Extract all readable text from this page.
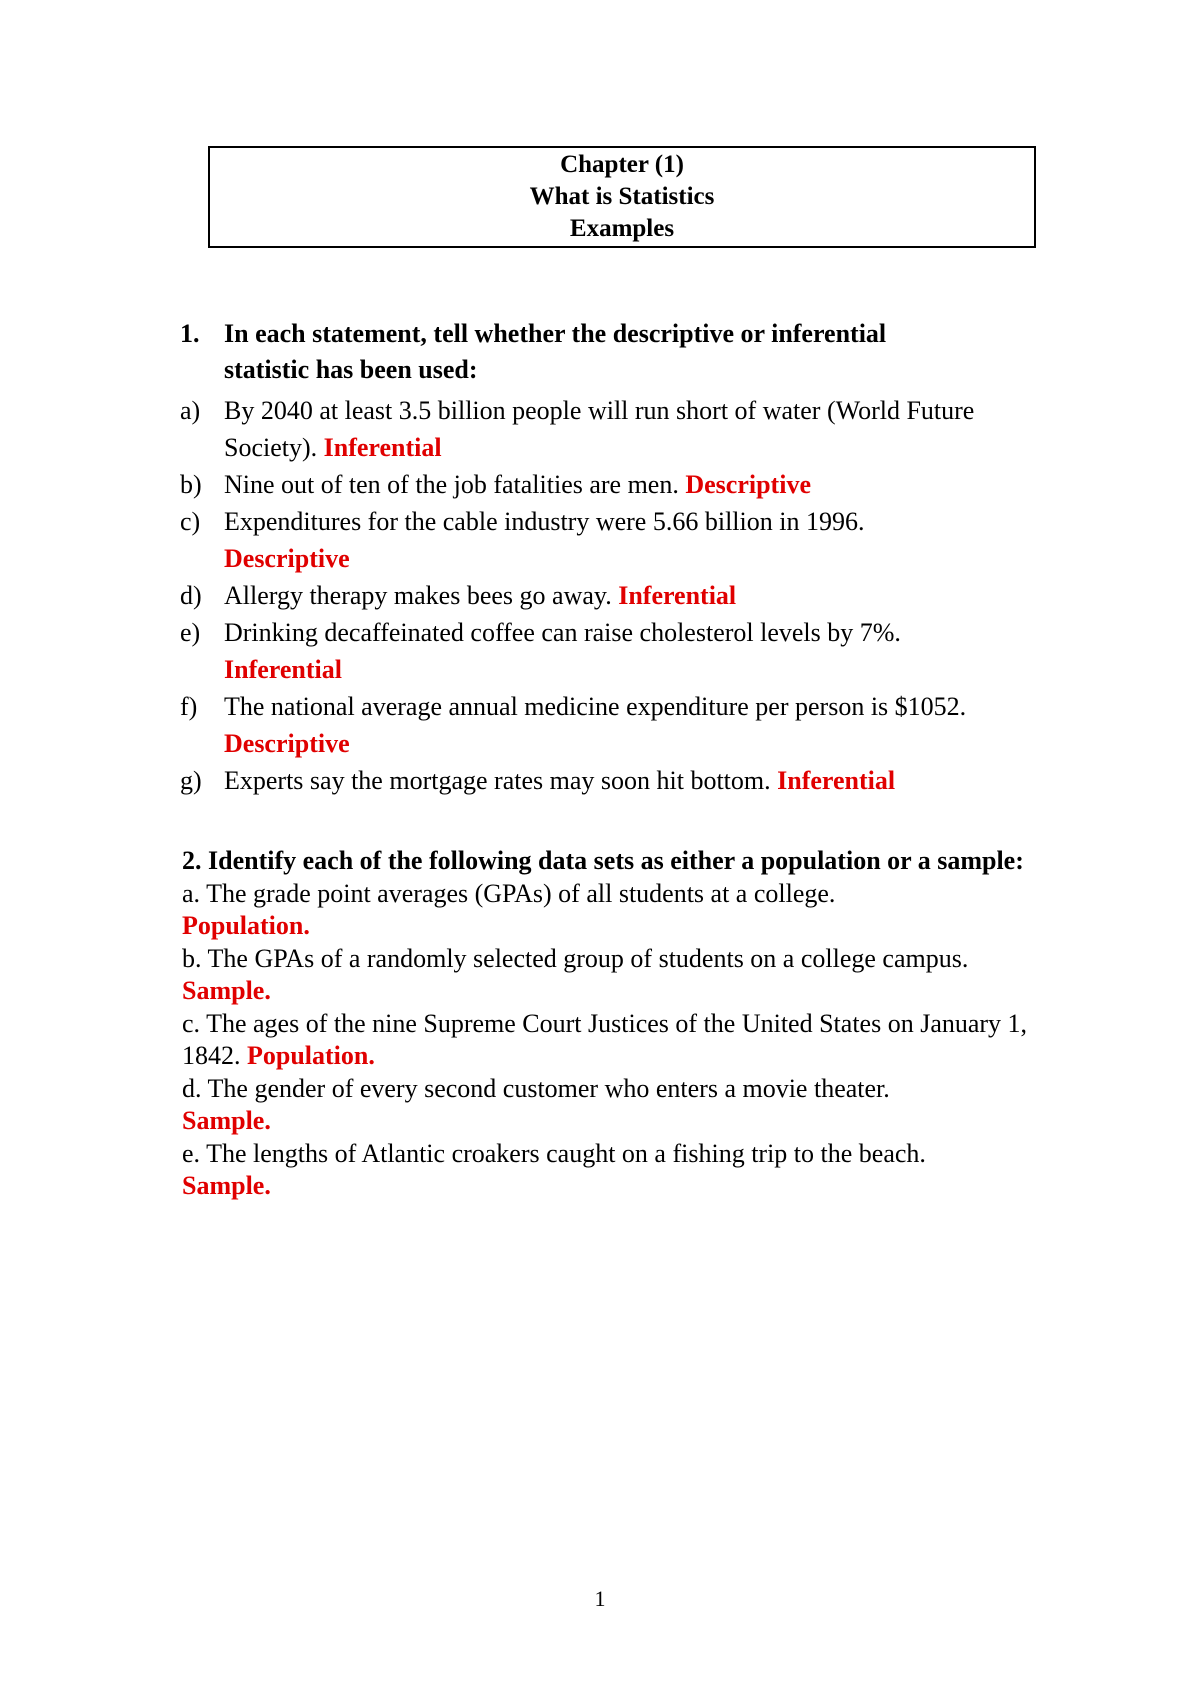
Chapter (1)
What is Statistics
Examples
1. In each statement, tell whether the descriptive or inferential
statistic has been used:
a) By 2040 at least 3.5 billion people will run short of water (World Future Society). Inferential
b) Nine out of ten of the job fatalities are men. Descriptive
c) Expenditures for the cable industry were 5.66 billion in 1996.
Descriptive
d) Allergy therapy makes bees go away. Inferential
e) Drinking decaffeinated coffee can raise cholesterol levels by 7%.
Inferential
f)	The national average annual medicine expenditure per person is $1052. Descriptive
g) Experts say the mortgage rates may soon hit bottom. Inferential
2. Identify each of the following data sets as either a population or a sample:
a. The grade point averages (GPAs) of all students at a college.
Population.
b. The GPAs of a randomly selected group of students on a college campus. Sample.
c. The ages of the nine Supreme Court Justices of the United States on January 1, 1842. Population.
d. The gender of every second customer who enters a movie theater.
Sample.
e. The lengths of Atlantic croakers caught on a fishing trip to the beach.
Sample.
1
